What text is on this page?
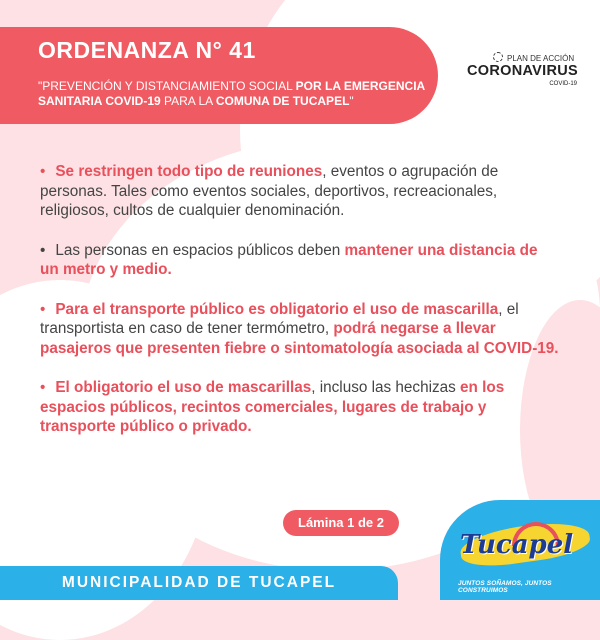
ORDENANZA N° 41
"PREVENCIÓN Y DISTANCIAMIENTO SOCIAL POR LA EMERGENCIA SANITARIA COVID-19 PARA LA COMUNA DE TUCAPEL"
PLAN DE ACCIÓN
CORONAVIRUS
COVID-19
• Se restringen todo tipo de reuniones, eventos o agrupación de personas. Tales como eventos sociales, deportivos, recreacionales, religiosos, cultos de cualquier denominación.
• Las personas en espacios públicos deben mantener una distancia de un metro y medio.
• Para el transporte público es obligatorio el uso de mascarilla, el transportista en caso de tener termómetro, podrá negarse a llevar pasajeros que presenten fiebre o sintomatología asociada al COVID-19.
• El obligatorio el uso de mascarillas, incluso las hechizas en los espacios públicos, recintos comerciales, lugares de trabajo y transporte público o privado.
Lámina 1 de 2
MUNICIPALIDAD DE TUCAPEL
Tucapel
JUNTOS SOÑAMOS, JUNTOS CONSTRUIMOS
